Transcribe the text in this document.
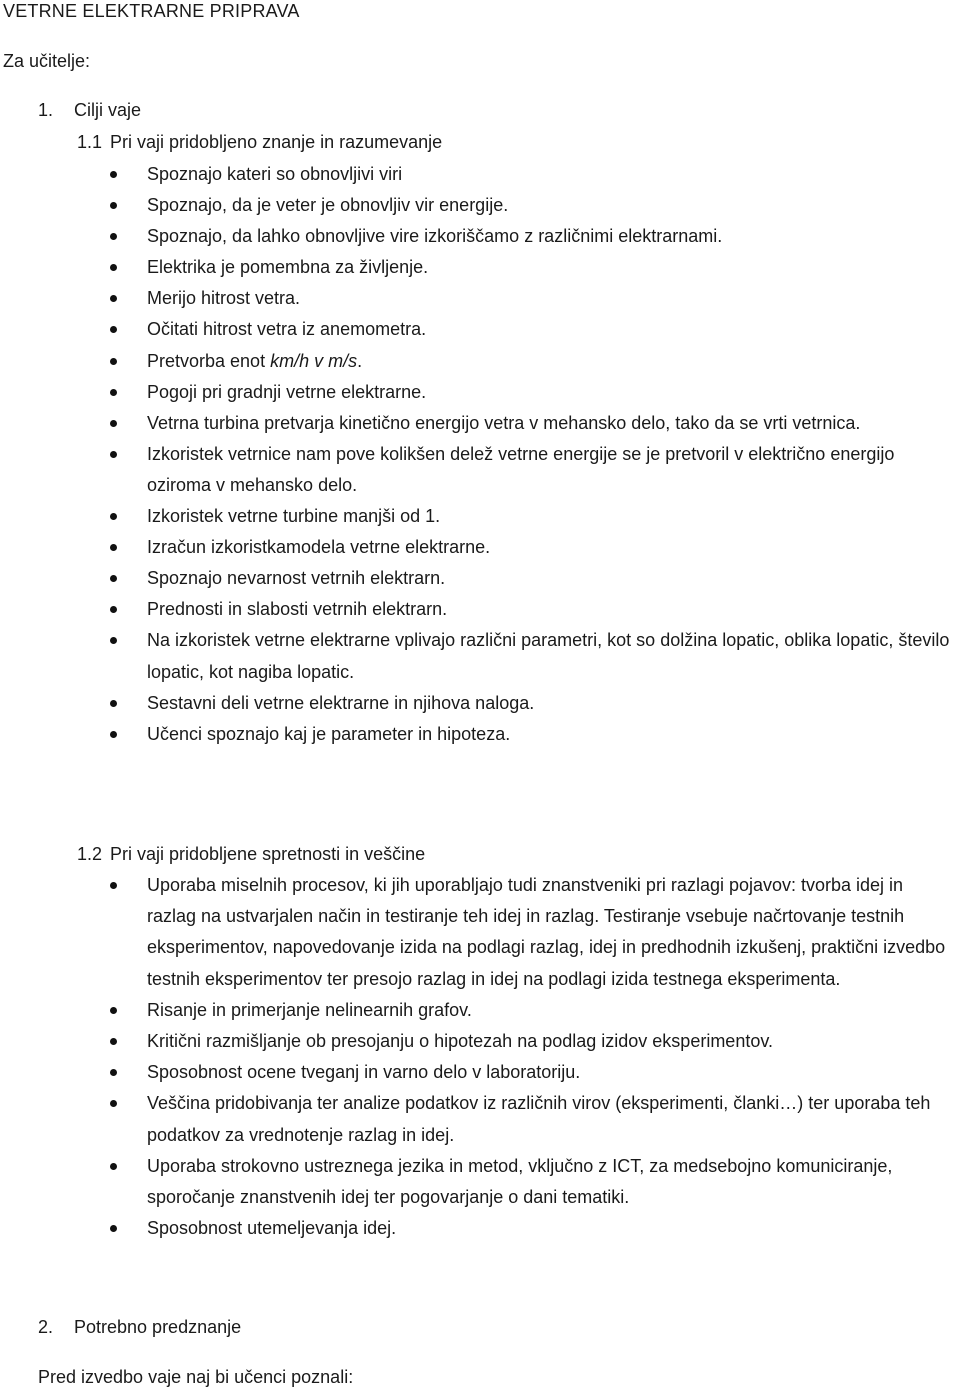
VETRNE ELEKTRARNE PRIPRAVA
Za učitelje:
1. Cilji vaje
1.1 Pri vaji pridobljeno znanje in razumevanje
Spoznajo kateri so obnovljivi viri
Spoznajo, da je veter je obnovljiv vir energije.
Spoznajo, da lahko obnovljive vire izkoriščamo z različnimi elektrarnami.
Elektrika je pomembna za življenje.
Merijo hitrost vetra.
Očitati hitrost vetra iz anemometra.
Pretvorba enot km/h v m/s.
Pogoji pri gradnji vetrne elektrarne.
Vetrna turbina pretvarja kinetično energijo vetra v mehansko delo, tako da se vrti vetrnica.
Izkoristek vetrnice nam pove kolikšen delež vetrne energije se je pretvoril v električno energijo oziroma v mehansko delo.
Izkoristek vetrne turbine manjši od 1.
Izračun izkoristkamodela vetrne elektrarne.
Spoznajo nevarnost vetrnih elektrarn.
Prednosti in slabosti vetrnih elektrarn.
Na izkoristek vetrne elektrarne vplivajo različni parametri, kot so dolžina lopatic, oblika lopatic, število lopatic, kot nagiba lopatic.
Sestavni deli vetrne elektrarne in njihova naloga.
Učenci spoznajo kaj je parameter in hipoteza.
1.2 Pri vaji pridobljene spretnosti in veščine
Uporaba miselnih procesov, ki jih uporabljajo tudi znanstveniki pri razlagi pojavov: tvorba idej in razlag na ustvarjalen način in testiranje teh idej in razlag. Testiranje vsebuje načrtovanje testnih eksperimentov, napovedovanje izida na podlagi razlag, idej in predhodnih izkušenj, praktični izvedbo testnih eksperimentov ter presojo razlag in idej na podlagi izida testnega eksperimenta.
Risanje in primerjanje nelinearnih grafov.
Kritični razmišljanje ob presojanju o hipotezah na podlag izidov eksperimentov.
Sposobnost ocene tveganj in varno delo v laboratoriju.
Veščina pridobivanja ter analize podatkov iz različnih virov (eksperimenti, članki…) ter uporaba teh podatkov za vrednotenje razlag in idej.
Uporaba strokovno ustreznega jezika in metod, vključno z ICT, za medsebojno komuniciranje, sporočanje znanstvenih idej ter pogovarjanje o dani tematiki.
Sposobnost utemeljevanja idej.
2. Potrebno predznanje
Pred izvedbo vaje naj bi učenci poznali:
